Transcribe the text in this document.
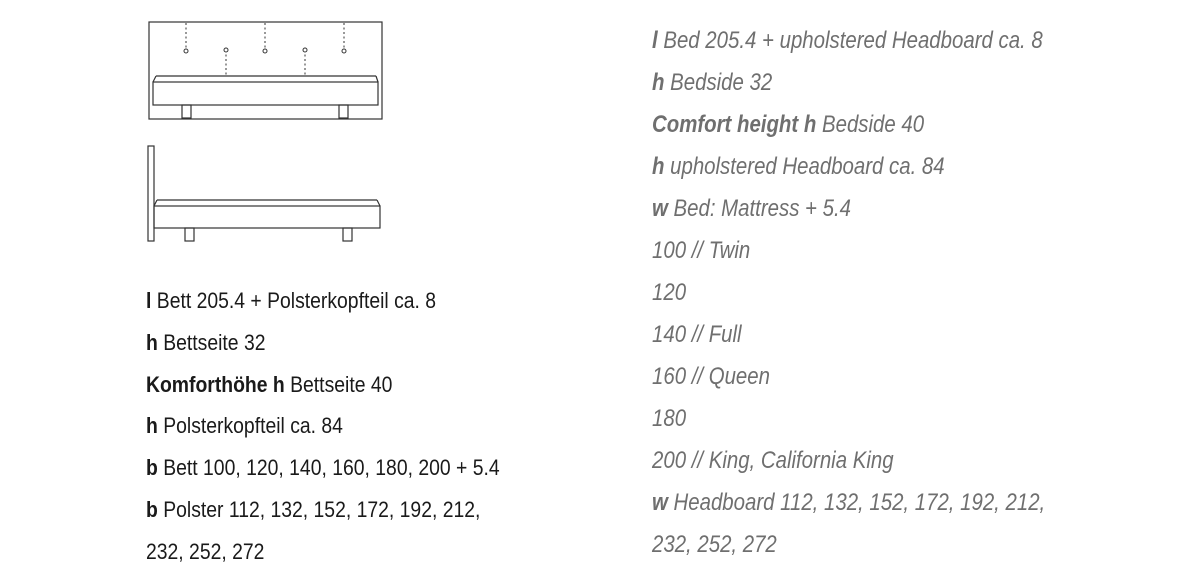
l Bett 205.4 + Polsterkopfteil ca. 8
h Bettseite 32
Komforthöhe h Bettseite 40
h Polsterkopfteil ca. 84
b Bett 100, 120, 140, 160, 180, 200 + 5.4
b Polster 112, 132, 152, 172, 192, 212,
232, 252, 272
l Bed 205.4 + upholstered Headboard ca. 8
h Bedside 32
Comfort height h Bedside 40
h upholstered Headboard ca. 84
w Bed: Mattress + 5.4
100 // Twin
120
140 // Full
160 // Queen
180
200 // King, California King
w Headboard 112, 132, 152, 172, 192, 212,
232, 252, 272
